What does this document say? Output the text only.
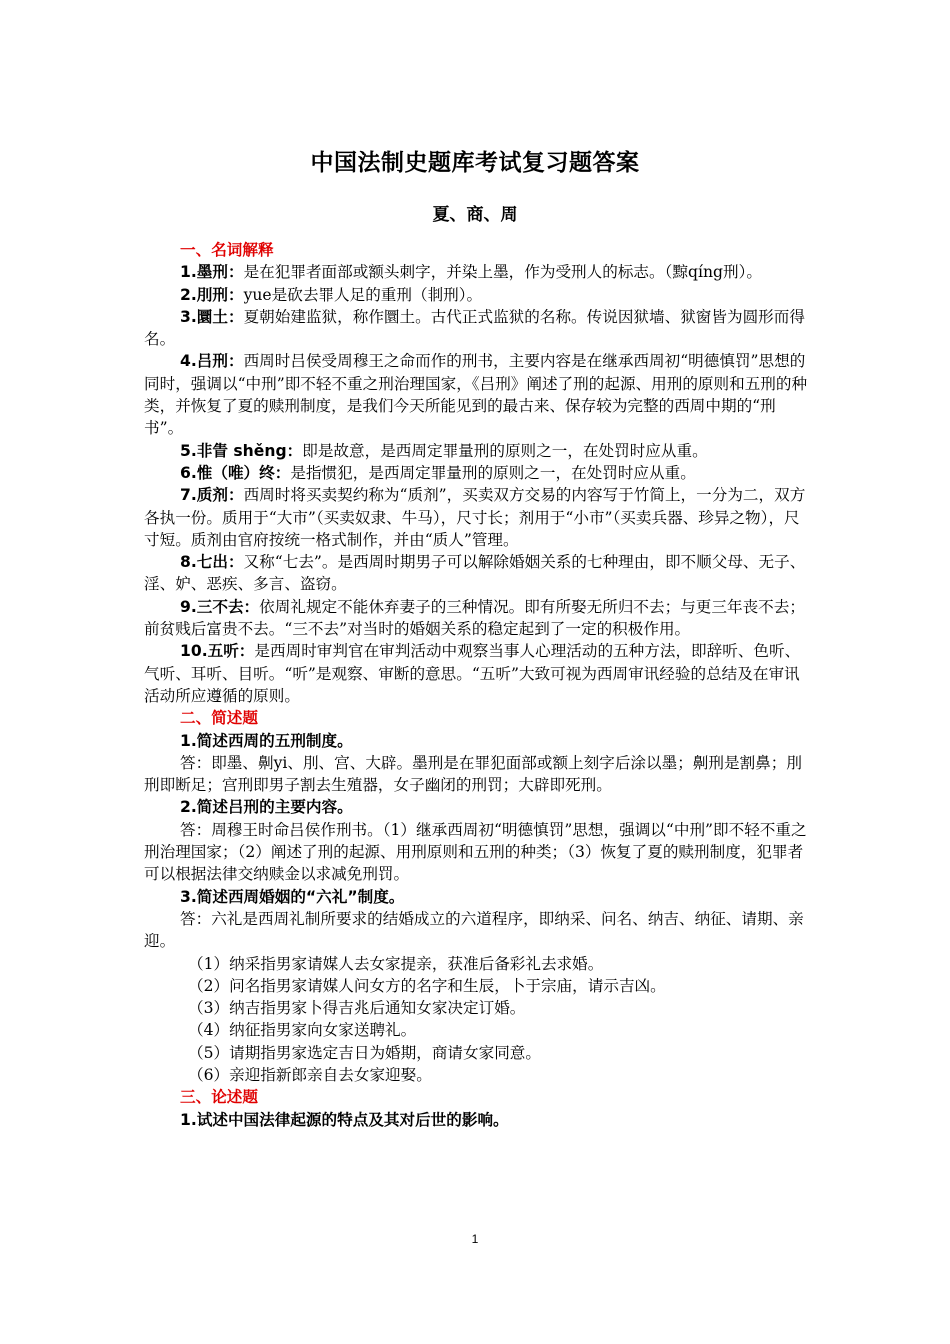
中国法制史题库考试复习题答案
夏、商、周

一、名词解释

1.墨刑：是在犯罪者面部或额头刺字，并染上墨，作为受刑人的标志。（黥qíng刑）。

2.刖刑：yue是砍去罪人足的重刑（剕刑）。

3.圜土：夏朝始建监狱，称作圜土。古代正式监狱的名称。传说因狱墙、狱窗皆为圆形而得名。

4.吕刑：西周时吕侯受周穆王之命而作的刑书，主要内容是在继承西周初“明德慎罚”思想的同时，强调以“中刑”即不轻不重之刑治理国家，《吕刑》阐述了刑的起源、用刑的原则和五刑的种类，并恢复了夏的赎刑制度，是我们今天所能见到的最古来、保存较为完整的西周中期的“刑书”。

5.非眚 shěng：即是故意，是西周定罪量刑的原则之一，在处罚时应从重。

6.惟（唯）终：是指惯犯，是西周定罪量刑的原则之一，在处罚时应从重。

7.质剂：西周时将买卖契约称为“质剂”，买卖双方交易的内容写于竹简上，一分为二，双方各执一份。质用于“大市”（买卖奴隶、牛马），尺寸长；剂用于“小市”（买卖兵器、珍异之物），尺寸短。质剂由官府按统一格式制作，并由“质人”管理。

8.七出：又称“七去”。是西周时期男子可以解除婚姻关系的七种理由，即不顺父母、无子、淫、妒、恶疾、多言、盗窃。

9.三不去：依周礼规定不能休弃妻子的三种情况。即有所娶无所归不去；与更三年丧不去；前贫贱后富贵不去。“三不去”对当时的婚姻关系的稳定起到了一定的积极作用。

10.五听：是西周时审判官在审判活动中观察当事人心理活动的五种方法，即辞听、色听、气听、耳听、目听。“听”是观察、审断的意思。“五听”大致可视为西周审讯经验的总结及在审讯活动所应遵循的原则。

二、简述题

1.简述西周的五刑制度。

答：即墨、劓yi、刖、宫、大辟。墨刑是在罪犯面部或额上刻字后涂以墨；劓刑是割鼻；刖刑即断足；宫刑即男子割去生殖器，女子幽闭的刑罚；大辟即死刑。

2.简述吕刑的主要内容。

答：周穆王时命吕侯作刑书。（1）继承西周初“明德慎罚”思想，强调以“中刑”即不轻不重之刑治理国家；（2）阐述了刑的起源、用刑原则和五刑的种类；（3）恢复了夏的赎刑制度，犯罪者可以根据法律交纳赎金以求减免刑罚。

3.简述西周婚姻的“六礼”制度。

答：六礼是西周礼制所要求的结婚成立的六道程序，即纳采、问名、纳吉、纳征、请期、亲迎。

（1）纳采指男家请媒人去女家提亲，获准后备彩礼去求婚。

（2）问名指男家请媒人问女方的名字和生辰，卜于宗庙，请示吉凶。

（3）纳吉指男家卜得吉兆后通知女家决定订婚。

（4）纳征指男家向女家送聘礼。

（5）请期指男家选定吉日为婚期，商请女家同意。

（6）亲迎指新郎亲自去女家迎娶。

三、论述题

1.试述中国法律起源的特点及其对后世的影响。

1
